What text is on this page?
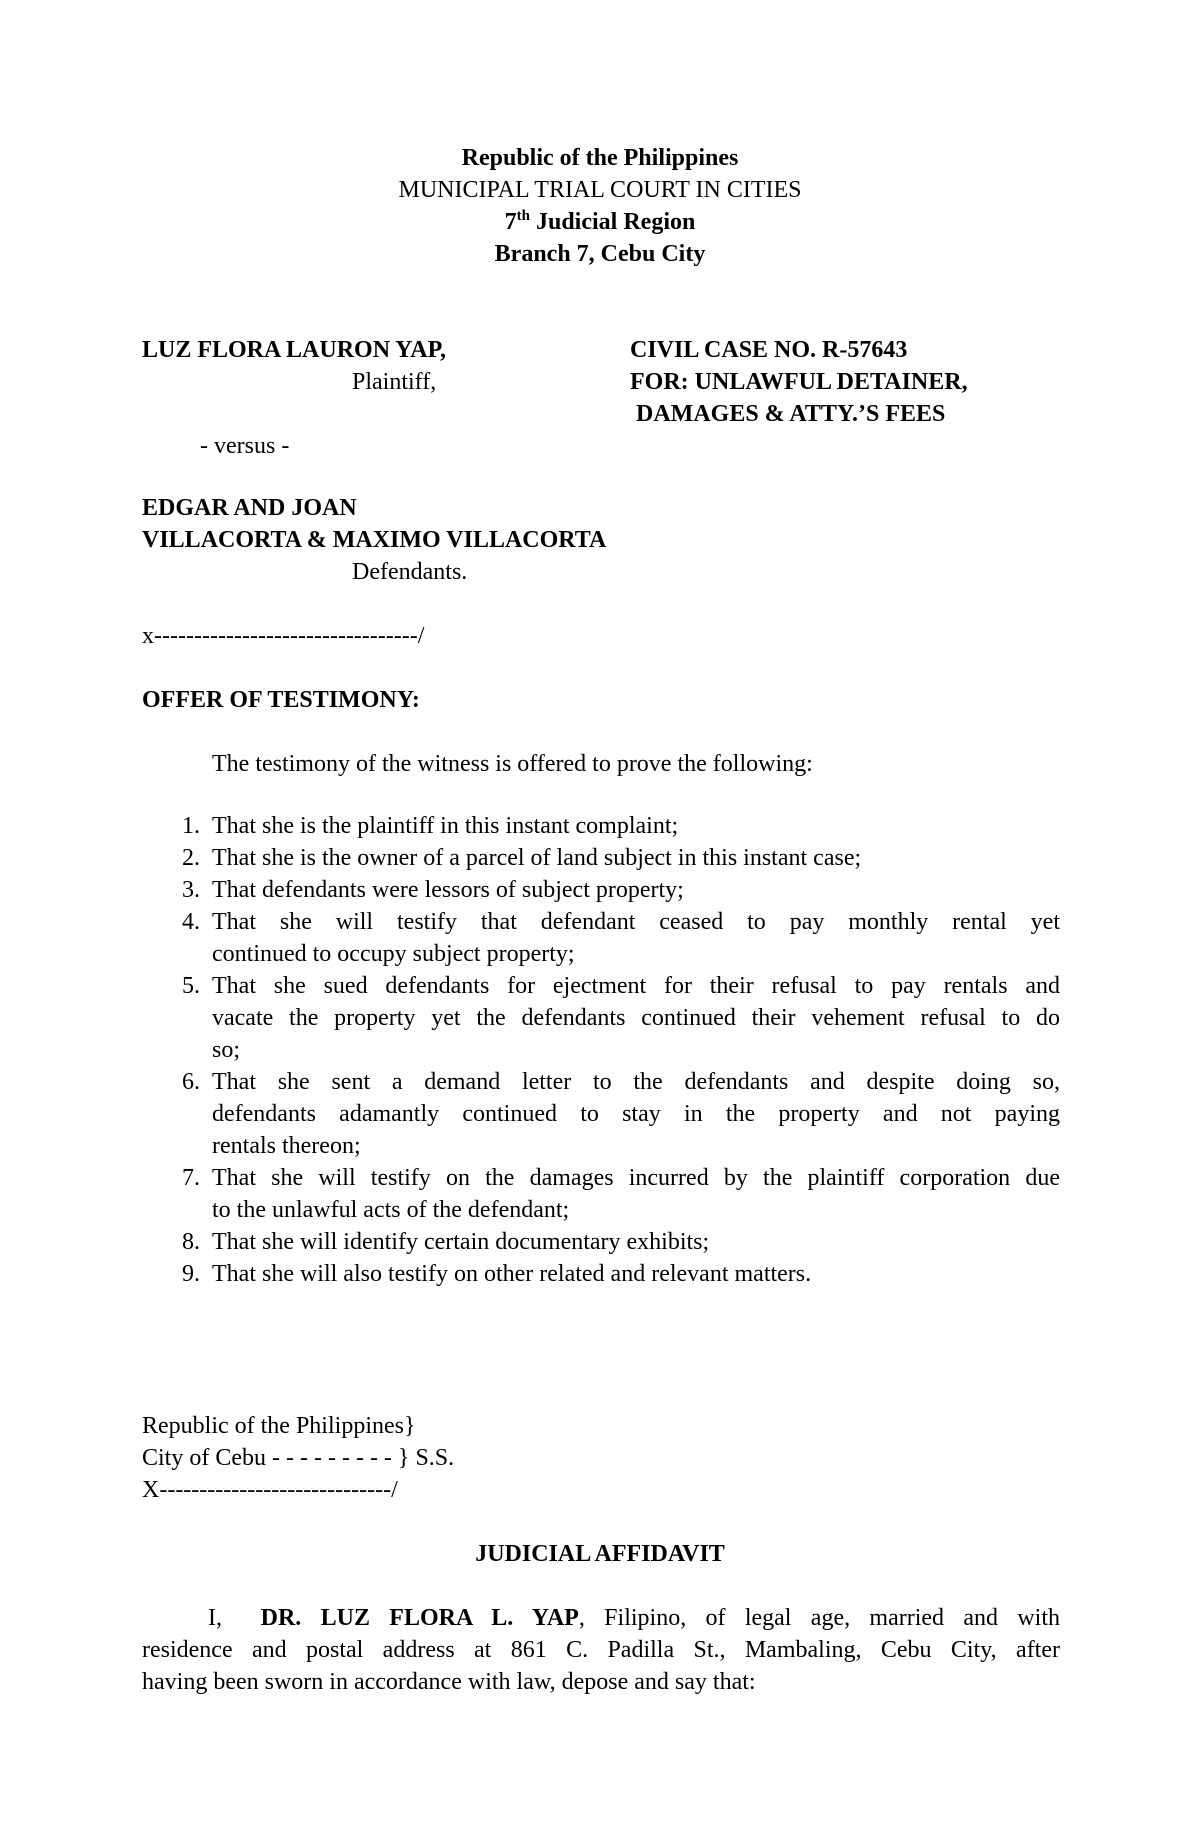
Republic of the Philippines
MUNICIPAL TRIAL COURT IN CITIES
7th Judicial Region
Branch 7, Cebu City
LUZ FLORA LAURON YAP,
Plaintiff,
- versus -
EDGAR AND JOAN
VILLACORTA & MAXIMO VILLACORTA
Defendants.
CIVIL CASE NO. R-57643
FOR: UNLAWFUL DETAINER,
DAMAGES & ATTY.’S FEES
x---------------------------------/
OFFER OF TESTIMONY:
The testimony of the witness is offered to prove the following:
1. That she is the plaintiff in this instant complaint;
2. That she is the owner of a parcel of land subject in this instant case;
3. That defendants were lessors of subject property;
4. That she will testify that defendant ceased to pay monthly rental yet
continued to occupy subject property;
5. That she sued defendants for ejectment for their refusal to pay rentals and
vacate the property yet the defendants continued their vehement refusal to do
so;
6. That she sent a demand letter to the defendants and despite doing so,
defendants adamantly continued to stay in the property and not paying
rentals thereon;
7. That she will testify on the damages incurred by the plaintiff corporation due
to the unlawful acts of the defendant;
8. That she will identify certain documentary exhibits;
9. That she will also testify on other related and relevant matters.
Republic of the Philippines}
City of Cebu - - - - - - - - - } S.S.
X-----------------------------/
JUDICIAL AFFIDAVIT
I, DR. LUZ FLORA L. YAP, Filipino, of legal age, married and with
residence and postal address at 861 C. Padilla St., Mambaling, Cebu City, after
having been sworn in accordance with law, depose and say that:
